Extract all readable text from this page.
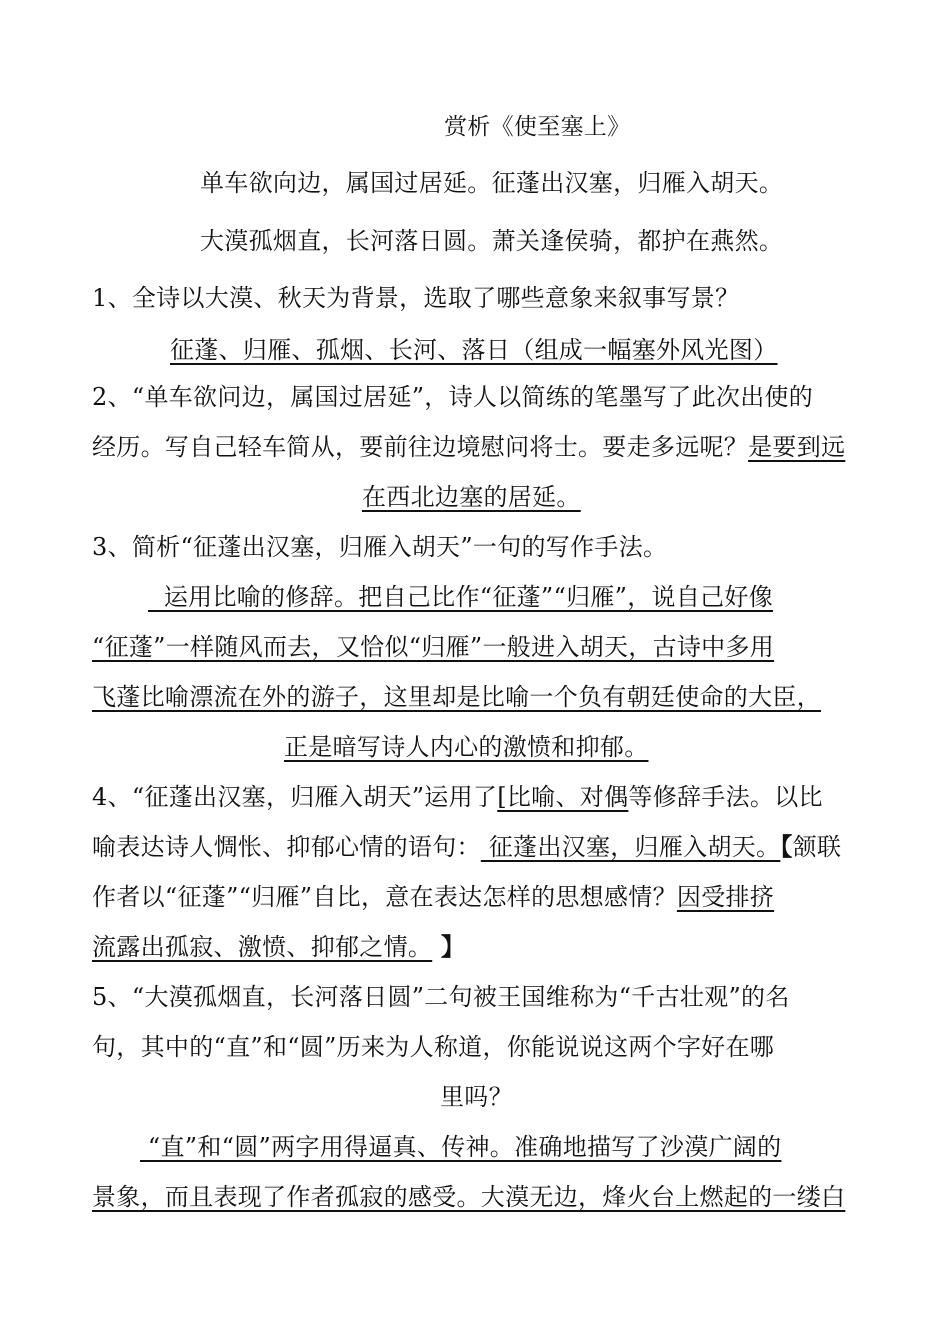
赏析《使至塞上》
单车欲向边，属国过居延。征蓬出汉塞，归雁入胡天。
大漠孤烟直，长河落日圆。萧关逢侯骑，都护在燕然。
1、全诗以大漠、秋天为背景，选取了哪些意象来叙事写景？
征蓬、归雁、孤烟、长河、落日（组成一幅塞外风光图）
2、“单车欲问边，属国过居延”，诗人以简练的笔墨写了此次出使的
经历。写自己轻车简从，要前往边境慰问将士。要走多远呢？是要到远
在西北边塞的居延。
3、简析“征蓬出汉塞，归雁入胡天”一句的写作手法。
运用比喻的修辞。把自己比作“征蓬”“归雁”，说自己好像
“征蓬”一样随风而去，又恰似“归雁”一般进入胡天，古诗中多用
飞蓬比喻漂流在外的游子，这里却是比喻一个负有朝廷使命的大臣，
正是暗写诗人内心的激愤和抑郁。
4、“征蓬出汉塞，归雁入胡天”运用了[比喻、对偶等修辞手法。以比
喻表达诗人惆怅、抑郁心情的语句： 征蓬出汉塞，归雁入胡天。【颔联
作者以“征蓬”“归雁”自比，意在表达怎样的思想感情？因受排挤
流露出孤寂、激愤、抑郁之情。 】
5、“大漠孤烟直，长河落日圆”二句被王国维称为“千古壮观”的名
句，其中的“直”和“圆”历来为人称道，你能说说这两个字好在哪
里吗？
“直”和“圆”两字用得逼真、传神。准确地描写了沙漠广阔的
景象，而且表现了作者孤寂的感受。大漠无边，烽火台上燃起的一缕白
